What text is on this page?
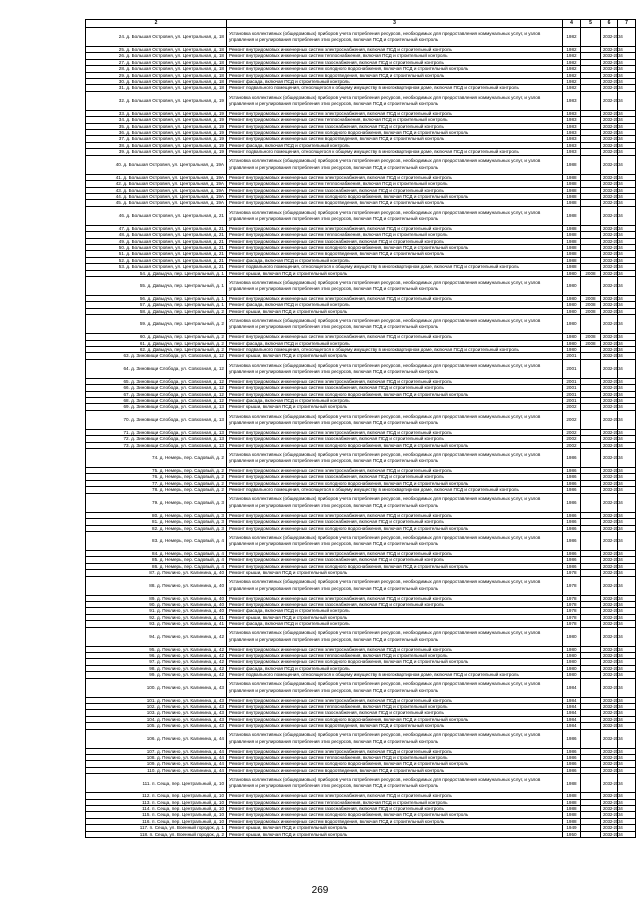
2	3	4	5	6	7
24. д. Большая Островня, ул. Центральная, д. 18	Установка коллективных (общедомовых) приборов учета потребления ресурсов, необходимых для предоставления коммунальных услуг, и узлов управления и регулирования потребления этих ресурсов, включая ПСД и строительный контроль	1982		2032-2034	
25. д. Большая Островня, ул. Центральная, д. 18	Ремонт внутридомовых инженерных систем электроснабжения, включая ПСД и строительный контроль	1982		2032-2034	
26. д. Большая Островня, ул. Центральная, д. 18	Ремонт внутридомовых инженерных систем теплоснабжения, включая ПСД и строительный контроль	1982		2032-2034	
27. д. Большая Островня, ул. Центральная, д. 18	Ремонт внутридомовых инженерных систем газоснабжения, включая ПСД и строительный контроль	1982		2032-2034	
28. д. Большая Островня, ул. Центральная, д. 18	Ремонт внутридомовых инженерных систем холодного водоснабжения, включая ПСД и строительный контроль	1982		2032-2034	
29. д. Большая Островня, ул. Центральная, д. 18	Ремонт внутридомовых инженерных систем водоотведения, включая ПСД и строительный контроль	1982		2032-2034	
30. д. Большая Островня, ул. Центральная, д. 18	Ремонт фасада, включая ПСД и строительный контроль	1982		2032-2034	
31. д. Большая Островня, ул. Центральная, д. 18	Ремонт подвального помещения, относящегося к общему имуществу в многоквартирном доме, включая ПСД и строительный контроль	1982		2032-2034	
32. д. Большая Островня, ул. Центральная, д. 19	Установка коллективных (общедомовых) приборов учета потребления ресурсов, необходимых для предоставления коммунальных услуг, и узлов управления и регулирования потребления этих ресурсов, включая ПСД и строительный контроль	1983		2032-2034	
33. д. Большая Островня, ул. Центральная, д. 19	Ремонт внутридомовых инженерных систем электроснабжения, включая ПСД и строительный контроль	1983		2032-2034	
34. д. Большая Островня, ул. Центральная, д. 19	Ремонт внутридомовых инженерных систем теплоснабжения, включая ПСД и строительный контроль	1983		2032-2034	
35. д. Большая Островня, ул. Центральная, д. 19	Ремонт внутридомовых инженерных систем газоснабжения, включая ПСД и строительный контроль	1983		2032-2034	
36. д. Большая Островня, ул. Центральная, д. 19	Ремонт внутридомовых инженерных систем холодного водоснабжения, включая ПСД и строительный контроль	1983		2032-2034	
37. д. Большая Островня, ул. Центральная, д. 19	Ремонт внутридомовых инженерных систем водоотведения, включая ПСД и строительный контроль	1983		2032-2034	
38. д. Большая Островня, ул. Центральная, д. 19	Ремонт фасада, включая ПСД и строительный контроль	1983		2032-2034	
39. д. Большая Островня, ул. Центральная, д. 19	Ремонт подвального помещения, относящегося к общему имуществу в многоквартирном доме, включая ПСД и строительный контроль	1983		2032-2034	
40. д. Большая Островня, ул. Центральная, д. 19А	Установка коллективных (общедомовых) приборов учета потребления ресурсов, необходимых для предоставления коммунальных услуг, и узлов управления и регулирования потребления этих ресурсов, включая ПСД и строительный контроль	1988		2032-2034	
41. д. Большая Островня, ул. Центральная, д. 19А	Ремонт внутридомовых инженерных систем электроснабжения, включая ПСД и строительный контроль	1988		2032-2034	
42. д. Большая Островня, ул. Центральная, д. 19А	Ремонт внутридомовых инженерных систем теплоснабжения, включая ПСД и строительный контроль	1988		2032-2034	
43. д. Большая Островня, ул. Центральная, д. 19А	Ремонт внутридомовых инженерных систем газоснабжения, включая ПСД и строительный контроль	1988		2032-2034	
44. д. Большая Островня, ул. Центральная, д. 19А	Ремонт внутридомовых инженерных систем холодного водоснабжения, включая ПСД и строительный контроль	1988		2032-2034	
45. д. Большая Островня, ул. Центральная, д. 19А	Ремонт внутридомовых инженерных систем водоотведения, включая ПСД и строительный контроль	1988		2032-2034	
46. д. Большая Островня, ул. Центральная, д. 21	Установка коллективных (общедомовых) приборов учета потребления ресурсов, необходимых для предоставления коммунальных услуг, и узлов управления и регулирования потребления этих ресурсов, включая ПСД и строительный контроль	1988		2032-2034	
47. д. Большая Островня, ул. Центральная, д. 21	Ремонт внутридомовых инженерных систем электроснабжения, включая ПСД и строительный контроль	1988		2032-2034	
48. д. Большая Островня, ул. Центральная, д. 21	Ремонт внутридомовых инженерных систем теплоснабжения, включая ПСД и строительный контроль	1988		2032-2034	
49. д. Большая Островня, ул. Центральная, д. 21	Ремонт внутридомовых инженерных систем газоснабжения, включая ПСД и строительный контроль	1988		2032-2034	
50. д. Большая Островня, ул. Центральная, д. 21	Ремонт внутридомовых инженерных систем холодного водоснабжения, включая ПСД и строительный контроль	1988		2032-2034	
51. д. Большая Островня, ул. Центральная, д. 21	Ремонт внутридомовых инженерных систем водоотведения, включая ПСД и строительный контроль	1988		2032-2034	
52. д. Большая Островня, ул. Центральная, д. 21	Ремонт фасада, включая ПСД и строительный контроль	1988		2032-2034	
53. д. Большая Островня, ул. Центральная, д. 21	Ремонт подвального помещения, относящегося к общему имуществу в многоквартирном доме, включая ПСД и строительный контроль	1988		2032-2034	
54. д. Давыдча, пер. Центральный, д. 1	Ремонт крыши, включая ПСД и строительный контроль	1980	2008	2032-2034	
55. д. Давыдча, пер. Центральный, д. 1	Установка коллективных (общедомовых) приборов учета потребления ресурсов, необходимых для предоставления коммунальных услуг, и узлов управления и регулирования потребления этих ресурсов, включая ПСД и строительный контроль	1980		2032-2034	
56. д. Давыдча, пер. Центральный, д. 1	Ремонт внутридомовых инженерных систем электроснабжения, включая ПСД и строительный контроль	1980	2008	2032-2034	
57. д. Давыдча, пер. Центральный, д. 1	Ремонт фасада, включая ПСД и строительный контроль	1980	2008	2032-2034	
58. д. Давыдча, пер. Центральный, д. 2	Ремонт крыши, включая ПСД и строительный контроль	1980	2008	2032-2034	
59. д. Давыдча, пер. Центральный, д. 2	Установка коллективных (общедомовых) приборов учета потребления ресурсов, необходимых для предоставления коммунальных услуг, и узлов управления и регулирования потребления этих ресурсов, включая ПСД и строительный контроль	1980		2032-2034	
60. д. Давыдча, пер. Центральный, д. 2	Ремонт внутридомовых инженерных систем электроснабжения, включая ПСД и строительный контроль	1980	2008	2032-2034	
61. д. Давыдча, пер. Центральный, д. 2	Ремонт фасада, включая ПСД и строительный контроль	1980	2008	2032-2034	
62. д. Давыдча, пер. Центральный, д. 2	Ремонт подвального помещения, относящегося к общему имуществу в многоквартирном доме, включая ПСД и строительный контроль	1980		2032-2034	
63. д. Зиновищи Слобода, ул. Совхозная, д. 12	Ремонт крыши, включая ПСД и строительный контроль	2001		2032-2034	
64. д. Зиновищи Слобода, ул. Совхозная, д. 12	Установка коллективных (общедомовых) приборов учета потребления ресурсов, необходимых для предоставления коммунальных услуг, и узлов управления и регулирования потребления этих ресурсов, включая ПСД и строительный контроль	2001		2032-2034	
65. д. Зиновищи Слобода, ул. Совхозная, д. 12	Ремонт внутридомовых инженерных систем электроснабжения, включая ПСД и строительный контроль	2001		2032-2034	
66. д. Зиновищи Слобода, ул. Совхозная, д. 12	Ремонт внутридомовых инженерных систем газоснабжения, включая ПСД и строительный контроль	2001		2032-2034	
67. д. Зиновищи Слобода, ул. Совхозная, д. 12	Ремонт внутридомовых инженерных систем холодного водоснабжения, включая ПСД и строительный контроль	2001		2032-2034	
68. д. Зиновищи Слобода, ул. Совхозная, д. 12	Ремонт фасада, включая ПСД и строительный контроль	2001		2032-2034	
69. д. Зиновищи Слобода, ул. Совхозная, д. 13	Ремонт крыши, включая ПСД и строительный контроль	2002		2032-2034	
70. д. Зиновищи Слобода, ул. Совхозная, д. 13	Установка коллективных (общедомовых) приборов учета потребления ресурсов, необходимых для предоставления коммунальных услуг, и узлов управления и регулирования потребления этих ресурсов, включая ПСД и строительный контроль	2002		2032-2034	
71. д. Зиновищи Слобода, ул. Совхозная, д. 13	Ремонт внутридомовых инженерных систем электроснабжения, включая ПСД и строительный контроль	2002		2032-2034	
72. д. Зиновищи Слобода, ул. Совхозная, д. 13	Ремонт внутридомовых инженерных систем газоснабжения, включая ПСД и строительный контроль	2002		2032-2034	
73. д. Зиновищи Слобода, ул. Совхозная, д. 13	Ремонт внутридомовых инженерных систем холодного водоснабжения, включая ПСД и строительный контроль	2002		2032-2034	
74. д. Немерь, пер. Садовый, д. 2	Установка коллективных (общедомовых) приборов учета потребления ресурсов, необходимых для предоставления коммунальных услуг, и узлов управления и регулирования потребления этих ресурсов, включая ПСД и строительный контроль	1986		2032-2034	
75. д. Немерь, пер. Садовый, д. 2	Ремонт внутридомовых инженерных систем электроснабжения, включая ПСД и строительный контроль	1986		2032-2034	
76. д. Немерь, пер. Садовый, д. 2	Ремонт внутридомовых инженерных систем газоснабжения, включая ПСД и строительный контроль	1986		2032-2034	
77. д. Немерь, пер. Садовый, д. 2	Ремонт внутридомовых инженерных систем холодного водоснабжения, включая ПСД и строительный контроль	1986		2032-2034	
78. д. Немерь, пер. Садовый, д. 2	Ремонт подвального помещения, относящегося к общему имуществу в многоквартирном доме, включая ПСД и строительный контроль	1986		2032-2034	
79. д. Немерь, пер. Садовый, д. 3	Установка коллективных (общедомовых) приборов учета потребления ресурсов, необходимых для предоставления коммунальных услуг, и узлов управления и регулирования потребления этих ресурсов, включая ПСД и строительный контроль	1986		2032-2034	
80. д. Немерь, пер. Садовый, д. 3	Ремонт внутридомовых инженерных систем электроснабжения, включая ПСД и строительный контроль	1986		2032-2034	
81. д. Немерь, пер. Садовый, д. 3	Ремонт внутридомовых инженерных систем газоснабжения, включая ПСД и строительный контроль	1986		2032-2034	
82. д. Немерь, пер. Садовый, д. 3	Ремонт внутридомовых инженерных систем холодного водоснабжения, включая ПСД и строительный контроль	1986		2032-2034	
83. д. Немерь, пер. Садовый, д. 4	Установка коллективных (общедомовых) приборов учета потребления ресурсов, необходимых для предоставления коммунальных услуг, и узлов управления и регулирования потребления этих ресурсов, включая ПСД и строительный контроль	1986		2032-2034	
84. д. Немерь, пер. Садовый, д. 4	Ремонт внутридомовых инженерных систем электроснабжения, включая ПСД и строительный контроль	1986		2032-2034	
85. д. Немерь, пер. Садовый, д. 4	Ремонт внутридомовых инженерных систем газоснабжения, включая ПСД и строительный контроль	1986		2032-2034	
86. д. Немерь, пер. Садовый, д. 4	Ремонт внутридомовых инженерных систем холодного водоснабжения, включая ПСД и строительный контроль	1986		2032-2034	
87. д. Пеклино, ул. Калинина, д. 40	Ремонт крыши, включая ПСД и строительный контроль	1978		2032-2034	
88. д. Пеклино, ул. Калинина, д. 40	Установка коллективных (общедомовых) приборов учета потребления ресурсов, необходимых для предоставления коммунальных услуг, и узлов управления и регулирования потребления этих ресурсов, включая ПСД и строительный контроль	1978		2032-2034	
89. д. Пеклино, ул. Калинина, д. 40	Ремонт внутридомовых инженерных систем электроснабжения, включая ПСД и строительный контроль	1978		2032-2034	
90. д. Пеклино, ул. Калинина, д. 40	Ремонт внутридомовых инженерных систем газоснабжения, включая ПСД и строительный контроль	1978		2032-2034	
91. д. Пеклино, ул. Калинина, д. 40	Ремонт фасада, включая ПСД и строительный контроль	1978		2032-2034	
92. д. Пеклино, ул. Калинина, д. 41	Ремонт крыши, включая ПСД и строительный контроль	1978		2032-2034	
93. д. Пеклино, ул. Калинина, д. 41	Ремонт фасада, включая ПСД и строительный контроль	1978		2032-2034	
94. д. Пеклино, ул. Калинина, д. 42	Установка коллективных (общедомовых) приборов учета потребления ресурсов, необходимых для предоставления коммунальных услуг, и узлов управления и регулирования потребления этих ресурсов, включая ПСД и строительный контроль	1980		2032-2034	
95. д. Пеклино, ул. Калинина, д. 42	Ремонт внутридомовых инженерных систем электроснабжения, включая ПСД и строительный контроль	1980		2032-2034	
96. д. Пеклино, ул. Калинина, д. 42	Ремонт внутридомовых инженерных систем теплоснабжения, включая ПСД и строительный контроль	1980		2032-2034	
97. д. Пеклино, ул. Калинина, д. 42	Ремонт внутридомовых инженерных систем холодного водоснабжения, включая ПСД и строительный контроль	1980		2032-2034	
98. д. Пеклино, ул. Калинина, д. 42	Ремонт фасада, включая ПСД и строительный контроль	1980		2032-2034	
99. д. Пеклино, ул. Калинина, д. 42	Ремонт подвального помещения, относящегося к общему имуществу в многоквартирном доме, включая ПСД и строительный контроль	1980		2032-2034	
100. д. Пеклино, ул. Калинина, д. 43	Установка коллективных (общедомовых) приборов учета потребления ресурсов, необходимых для предоставления коммунальных услуг, и узлов управления и регулирования потребления этих ресурсов, включая ПСД и строительный контроль	1984		2032-2034	
101. д. Пеклино, ул. Калинина, д. 43	Ремонт внутридомовых инженерных систем электроснабжения, включая ПСД и строительный контроль	1984		2032-2034	
102. д. Пеклино, ул. Калинина, д. 43	Ремонт внутридомовых инженерных систем теплоснабжения, включая ПСД и строительный контроль	1984		2032-2034	
103. д. Пеклино, ул. Калинина, д. 43	Ремонт внутридомовых инженерных систем газоснабжения, включая ПСД и строительный контроль	1984		2032-2034	
104. д. Пеклино, ул. Калинина, д. 43	Ремонт внутридомовых инженерных систем холодного водоснабжения, включая ПСД и строительный контроль	1984		2032-2034	
105. д. Пеклино, ул. Калинина, д. 43	Ремонт внутридомовых инженерных систем водоотведения, включая ПСД и строительный контроль	1984		2032-2034	
106. д. Пеклино, ул. Калинина, д. 44	Установка коллективных (общедомовых) приборов учета потребления ресурсов, необходимых для предоставления коммунальных услуг, и узлов управления и регулирования потребления этих ресурсов, включая ПСД и строительный контроль	1986		2032-2034	
107. д. Пеклино, ул. Калинина, д. 44	Ремонт внутридомовых инженерных систем электроснабжения, включая ПСД и строительный контроль	1986		2032-2034	
108. д. Пеклино, ул. Калинина, д. 44	Ремонт внутридомовых инженерных систем теплоснабжения, включая ПСД и строительный контроль	1986		2032-2034	
109. д. Пеклино, ул. Калинина, д. 44	Ремонт внутридомовых инженерных систем холодного водоснабжения, включая ПСД и строительный контроль	1986		2032-2034	
110. д. Пеклино, ул. Калинина, д. 44	Ремонт внутридомовых инженерных систем водоотведения, включая ПСД и строительный контроль	1986		2032-2034	
111. п. Сеща, пер. Центральный, д. 10	Установка коллективных (общедомовых) приборов учета потребления ресурсов, необходимых для предоставления коммунальных услуг, и узлов управления и регулирования потребления этих ресурсов, включая ПСД и строительный контроль	1988		2032-2034	
112. п. Сеща, пер. Центральный, д. 10	Ремонт внутридомовых инженерных систем электроснабжения, включая ПСД и строительный контроль	1988		2032-2034	
113. п. Сеща, пер. Центральный, д. 10	Ремонт внутридомовых инженерных систем теплоснабжения, включая ПСД и строительный контроль	1988		2032-2034	
114. п. Сеща, пер. Центральный, д. 10	Ремонт внутридомовых инженерных систем газоснабжения, включая ПСД и строительный контроль	1988		2032-2034	
115. п. Сеща, пер. Центральный, д. 10	Ремонт внутридомовых инженерных систем холодного водоснабжения, включая ПСД и строительный контроль	1988		2032-2034	
116. п. Сеща, пер. Центральный, д. 10	Ремонт внутридомовых инженерных систем водоотведения, включая ПСД и строительный контроль	1988		2032-2034	
117. п. Сеща, ул. Военный городок, д. 1	Ремонт крыши, включая ПСД и строительный контроль	1949		2032-2034	
118. п. Сеща, ул. Военный городок, д. 2	Ремонт крыши, включая ПСД и строительный контроль	1950		2032-2034	
269
